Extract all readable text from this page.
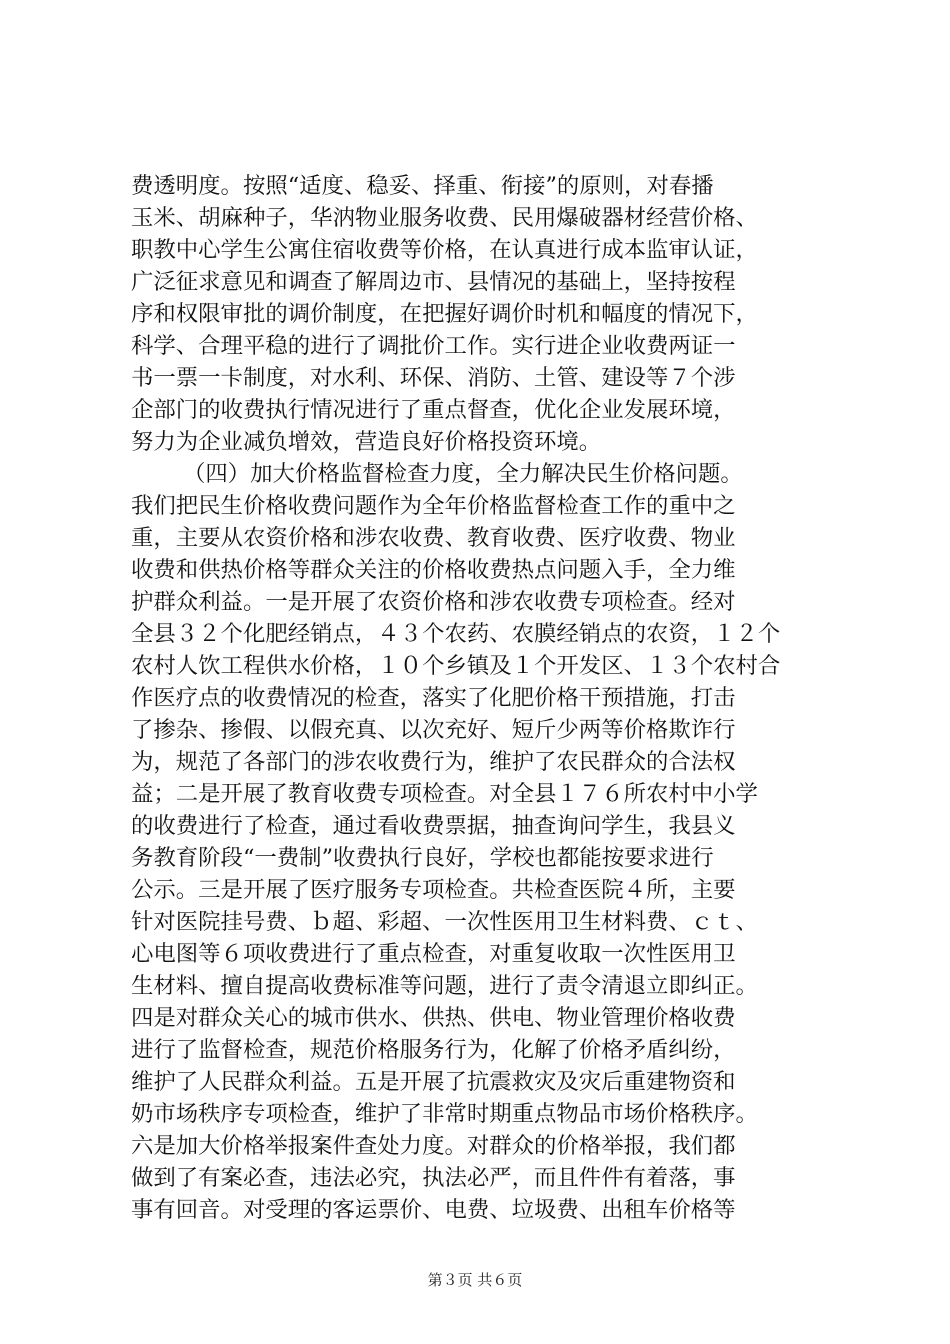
费透明度。按照“适度、稳妥、择重、衔接”的原则，对春播
玉米、胡麻种子，华汭物业服务收费、民用爆破器材经营价格、
职教中心学生公寓住宿收费等价格，在认真进行成本监审认证，
广泛征求意见和调查了解周边市、县情况的基础上，坚持按程
序和权限审批的调价制度，在把握好调价时机和幅度的情况下，
科学、合理平稳的进行了调批价工作。实行进企业收费两证一
书一票一卡制度，对水利、环保、消防、土管、建设等７个涉
企部门的收费执行情况进行了重点督查，优化企业发展环境，
努力为企业减负增效，营造良好价格投资环境。
（四）加大价格监督检查力度，全力解决民生价格问题。
我们把民生价格收费问题作为全年价格监督检查工作的重中之
重，主要从农资价格和涉农收费、教育收费、医疗收费、物业
收费和供热价格等群众关注的价格收费热点问题入手，全力维
护群众利益。一是开展了农资价格和涉农收费专项检查。经对
全县３２个化肥经销点，４３个农药、农膜经销点的农资，１２个
农村人饮工程供水价格，１０个乡镇及１个开发区、１３个农村合
作医疗点的收费情况的检查，落实了化肥价格干预措施，打击
了掺杂、掺假、以假充真、以次充好、短斤少两等价格欺诈行
为，规范了各部门的涉农收费行为，维护了农民群众的合法权
益；二是开展了教育收费专项检查。对全县１７６所农村中小学
的收费进行了检查，通过看收费票据，抽查询问学生，我县义
务教育阶段“一费制”收费执行良好，学校也都能按要求进行
公示。三是开展了医疗服务专项检查。共检查医院４所，主要
针对医院挂号费、ｂ超、彩超、一次性医用卫生材料费、ｃｔ、
心电图等６项收费进行了重点检查，对重复收取一次性医用卫
生材料、擅自提高收费标准等问题，进行了责令清退立即纠正。
四是对群众关心的城市供水、供热、供电、物业管理价格收费
进行了监督检查，规范价格服务行为，化解了价格矛盾纠纷，
维护了人民群众利益。五是开展了抗震救灾及灾后重建物资和
奶市场秩序专项检查，维护了非常时期重点物品市场价格秩序。
六是加大价格举报案件查处力度。对群众的价格举报，我们都
做到了有案必查，违法必究，执法必严，而且件件有着落，事
事有回音。对受理的客运票价、电费、垃圾费、出租车价格等
第３页 共６页
